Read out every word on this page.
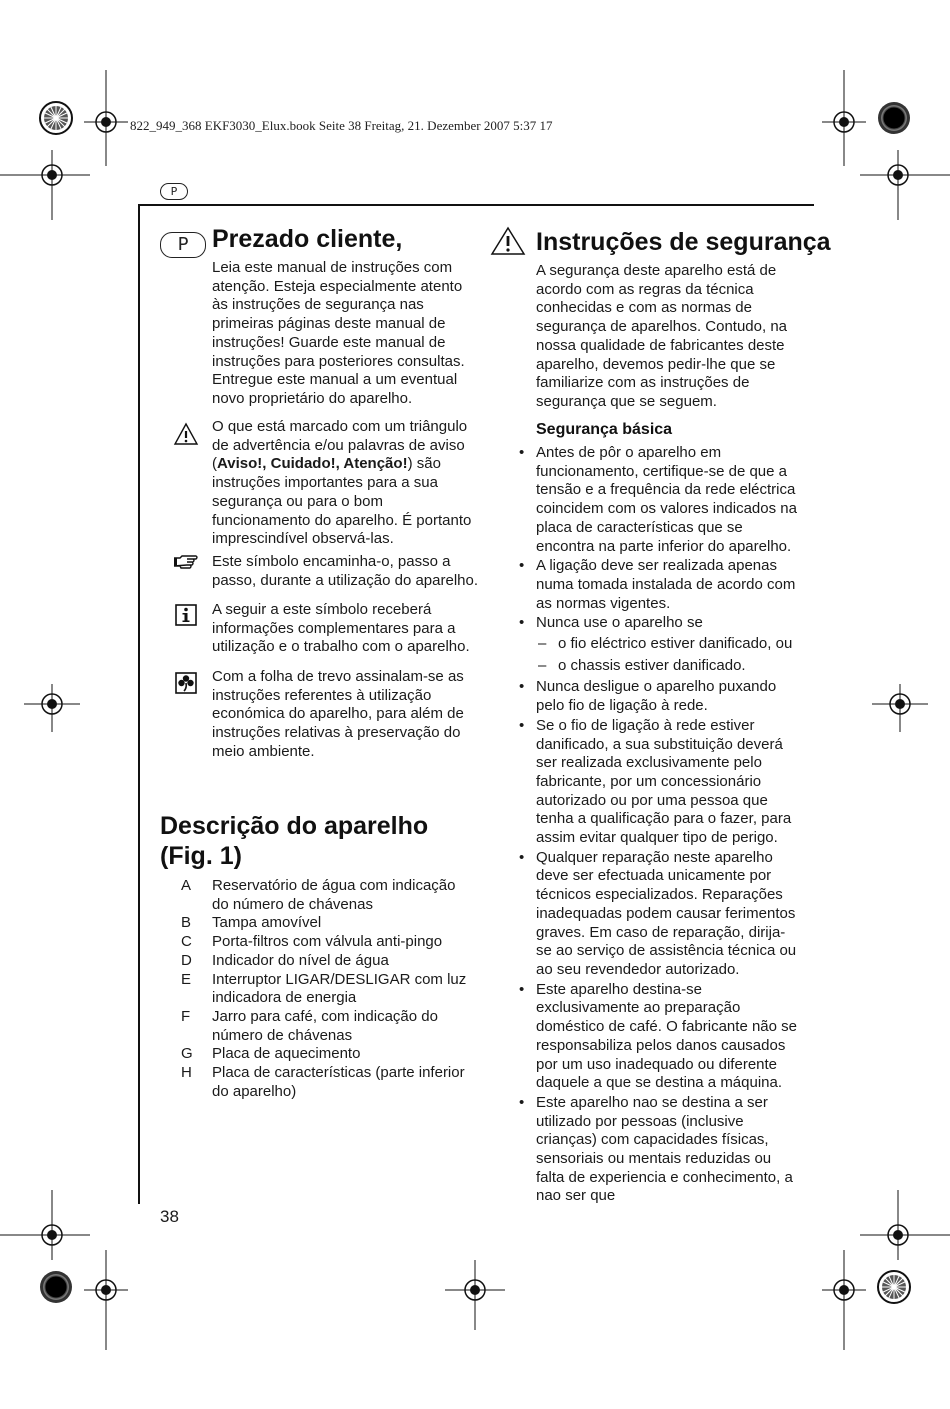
822_949_368 EKF3030_Elux.book Seite 38 Freitag, 21. Dezember 2007 5:37 17
P
P Prezado cliente,

Leia este manual de instruções com atenção. Esteja especialmente atento às instruções de segurança nas primeiras páginas deste manual de instruções! Guarde este manual de instruções para posteriores consultas. Entregue este manual a um eventual novo proprietário do aparelho.

O que está marcado com um triângulo de advertência e/ou palavras de aviso (Aviso!, Cuidado!, Atenção!) são instruções importantes para a sua segurança ou para o bom funcionamento do aparelho. É portanto imprescindível observá-las.

Este símbolo encaminha-o, passo a passo, durante a utilização do aparelho.

A seguir a este símbolo receberá informações complementares para a utilização e o trabalho com o aparelho.

Com a folha de trevo assinalam-se as instruções referentes à utilização económica do aparelho, para além de instruções relativas à preservação do meio ambiente.

Descrição do aparelho
(Fig. 1)
A	Reservatório de água com indicação do número de chávenas
B	Tampa amovível
C	Porta-filtros com válvula anti-pingo
D	Indicador do nível de água
E	Interruptor LIGAR/DESLIGAR com luz indicadora de energia
F	Jarro para café, com indicação do número de chávenas
G	Placa de aquecimento
H	Placa de características (parte inferior do aparelho)
Instruções de segurança

A segurança deste aparelho está de acordo com as regras da técnica conhecidas e com as normas de segurança de aparelhos. Contudo, na nossa qualidade de fabricantes deste aparelho, devemos pedir-lhe que se familiarize com as instruções de segurança que se seguem.

Segurança básica
• Antes de pôr o aparelho em funcionamento, certifique-se de que a tensão e a frequência da rede eléctrica coincidem com os valores indicados na placa de características que se encontra na parte inferior do aparelho.
• A ligação deve ser realizada apenas numa tomada instalada de acordo com as normas vigentes.
• Nunca use o aparelho se
– o fio eléctrico estiver danificado, ou
– o chassis estiver danificado.
• Nunca desligue o aparelho puxando pelo fio de ligação à rede.
• Se o fio de ligação à rede estiver danificado, a sua substituição deverá ser realizada exclusivamente pelo fabricante, por um concessionário autorizado ou por uma pessoa que tenha a qualificação para o fazer, para assim evitar qualquer tipo de perigo.
• Qualquer reparação neste aparelho deve ser efectuada unicamente por técnicos especializados. Reparações inadequadas podem causar ferimentos graves. Em caso de reparação, dirija-se ao serviço de assistência técnica ou ao seu revendedor autorizado.
• Este aparelho destina-se exclusivamente ao preparação doméstico de café. O fabricante não se responsabiliza pelos danos causados por um uso inadequado ou diferente daquele a que se destina a máquina.
• Este aparelho nao se destina a ser utilizado por pessoas (inclusive crianças) com capacidades físicas, sensoriais ou mentais reduzidas ou falta de experiencia e conhecimento, a nao ser que
38
